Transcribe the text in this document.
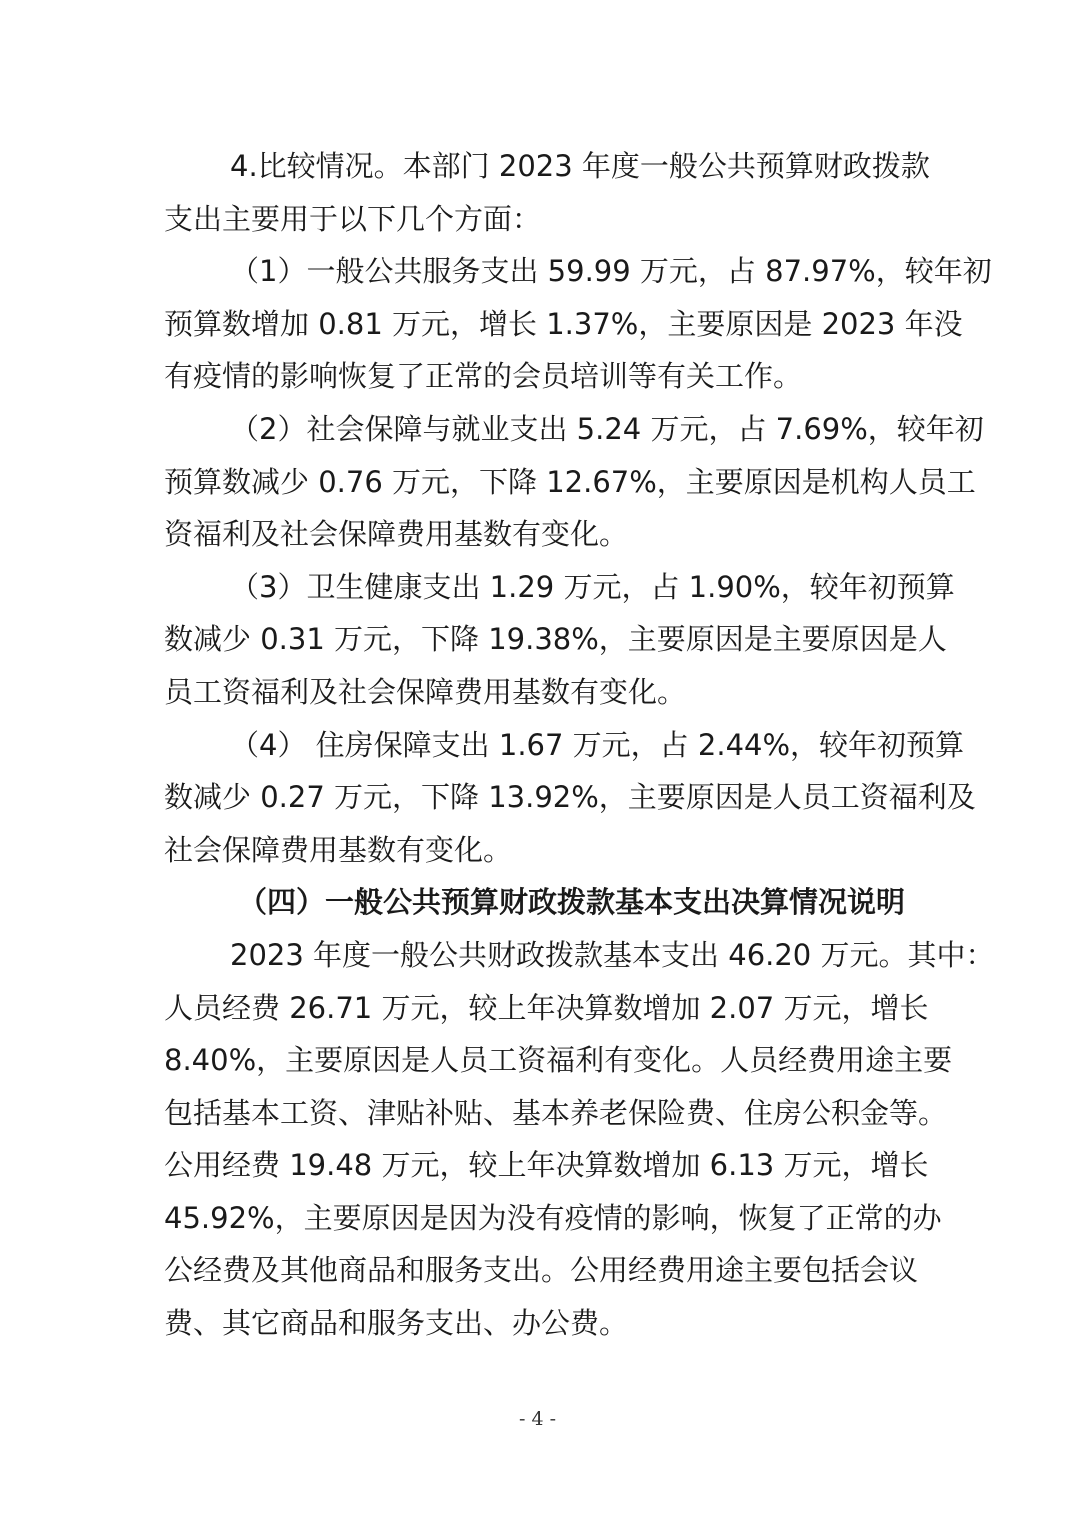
4.比较情况。本部门 2023 年度一般公共预算财政拨款
支出主要用于以下几个方面：
（1）一般公共服务支出 59.99 万元，占 87.97%，较年初
预算数增加 0.81 万元，增长 1.37%，主要原因是 2023 年没
有疫情的影响恢复了正常的会员培训等有关工作。
（2）社会保障与就业支出 5.24 万元，占 7.69%，较年初
预算数减少 0.76 万元，下降 12.67%，主要原因是机构人员工
资福利及社会保障费用基数有变化。
（3）卫生健康支出 1.29 万元，占 1.90%，较年初预算
数减少 0.31 万元，下降 19.38%，主要原因是主要原因是人
员工资福利及社会保障费用基数有变化。
（4） 住房保障支出 1.67 万元，占 2.44%，较年初预算
数减少 0.27 万元，下降 13.92%，主要原因是人员工资福利及
社会保障费用基数有变化。
（四）一般公共预算财政拨款基本支出决算情况说明
2023 年度一般公共财政拨款基本支出 46.20 万元。其中：
人员经费 26.71 万元，较上年决算数增加 2.07 万元，增长
8.40%，主要原因是人员工资福利有变化。人员经费用途主要
包括基本工资、津贴补贴、基本养老保险费、住房公积金等。
公用经费 19.48 万元，较上年决算数增加 6.13 万元，增长
45.92%，主要原因是因为没有疫情的影响，恢复了正常的办
公经费及其他商品和服务支出。公用经费用途主要包括会议
费、其它商品和服务支出、办公费。
- 4 -
